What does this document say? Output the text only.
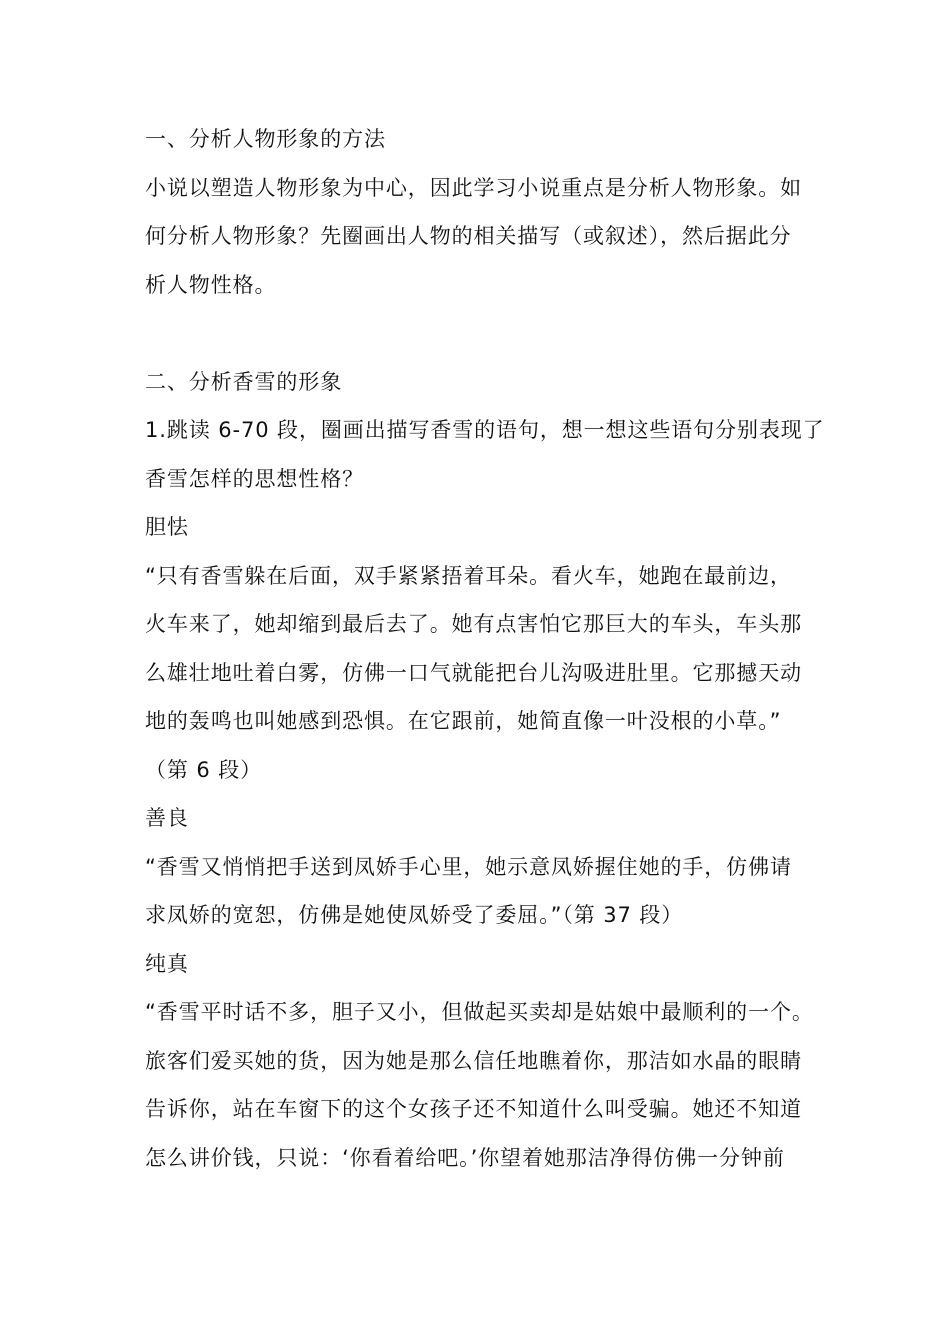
一、分析人物形象的方法
小说以塑造人物形象为中心，因此学习小说重点是分析人物形象。如
何分析人物形象？先圈画出人物的相关描写（或叙述），然后据此分
析人物性格。
二、分析香雪的形象
1.跳读 6-70 段，圈画出描写香雪的语句，想一想这些语句分别表现了
香雪怎样的思想性格？
胆怯
“只有香雪躲在后面，双手紧紧捂着耳朵。看火车，她跑在最前边，
火车来了，她却缩到最后去了。她有点害怕它那巨大的车头，车头那
么雄壮地吐着白雾，仿佛一口气就能把台儿沟吸进肚里。它那撼天动
地的轰鸣也叫她感到恐惧。在它跟前，她简直像一叶没根的小草。”
（第 6 段）
善良
“香雪又悄悄把手送到凤娇手心里，她示意凤娇握住她的手，仿佛请
求凤娇的宽恕，仿佛是她使凤娇受了委屈。”（第 37 段）
纯真
“香雪平时话不多，胆子又小，但做起买卖却是姑娘中最顺利的一个。
旅客们爱买她的货，因为她是那么信任地瞧着你，那洁如水晶的眼睛
告诉你，站在车窗下的这个女孩子还不知道什么叫受骗。她还不知道
怎么讲价钱，只说：‘你看着给吧。’你望着她那洁净得仿佛一分钟前
